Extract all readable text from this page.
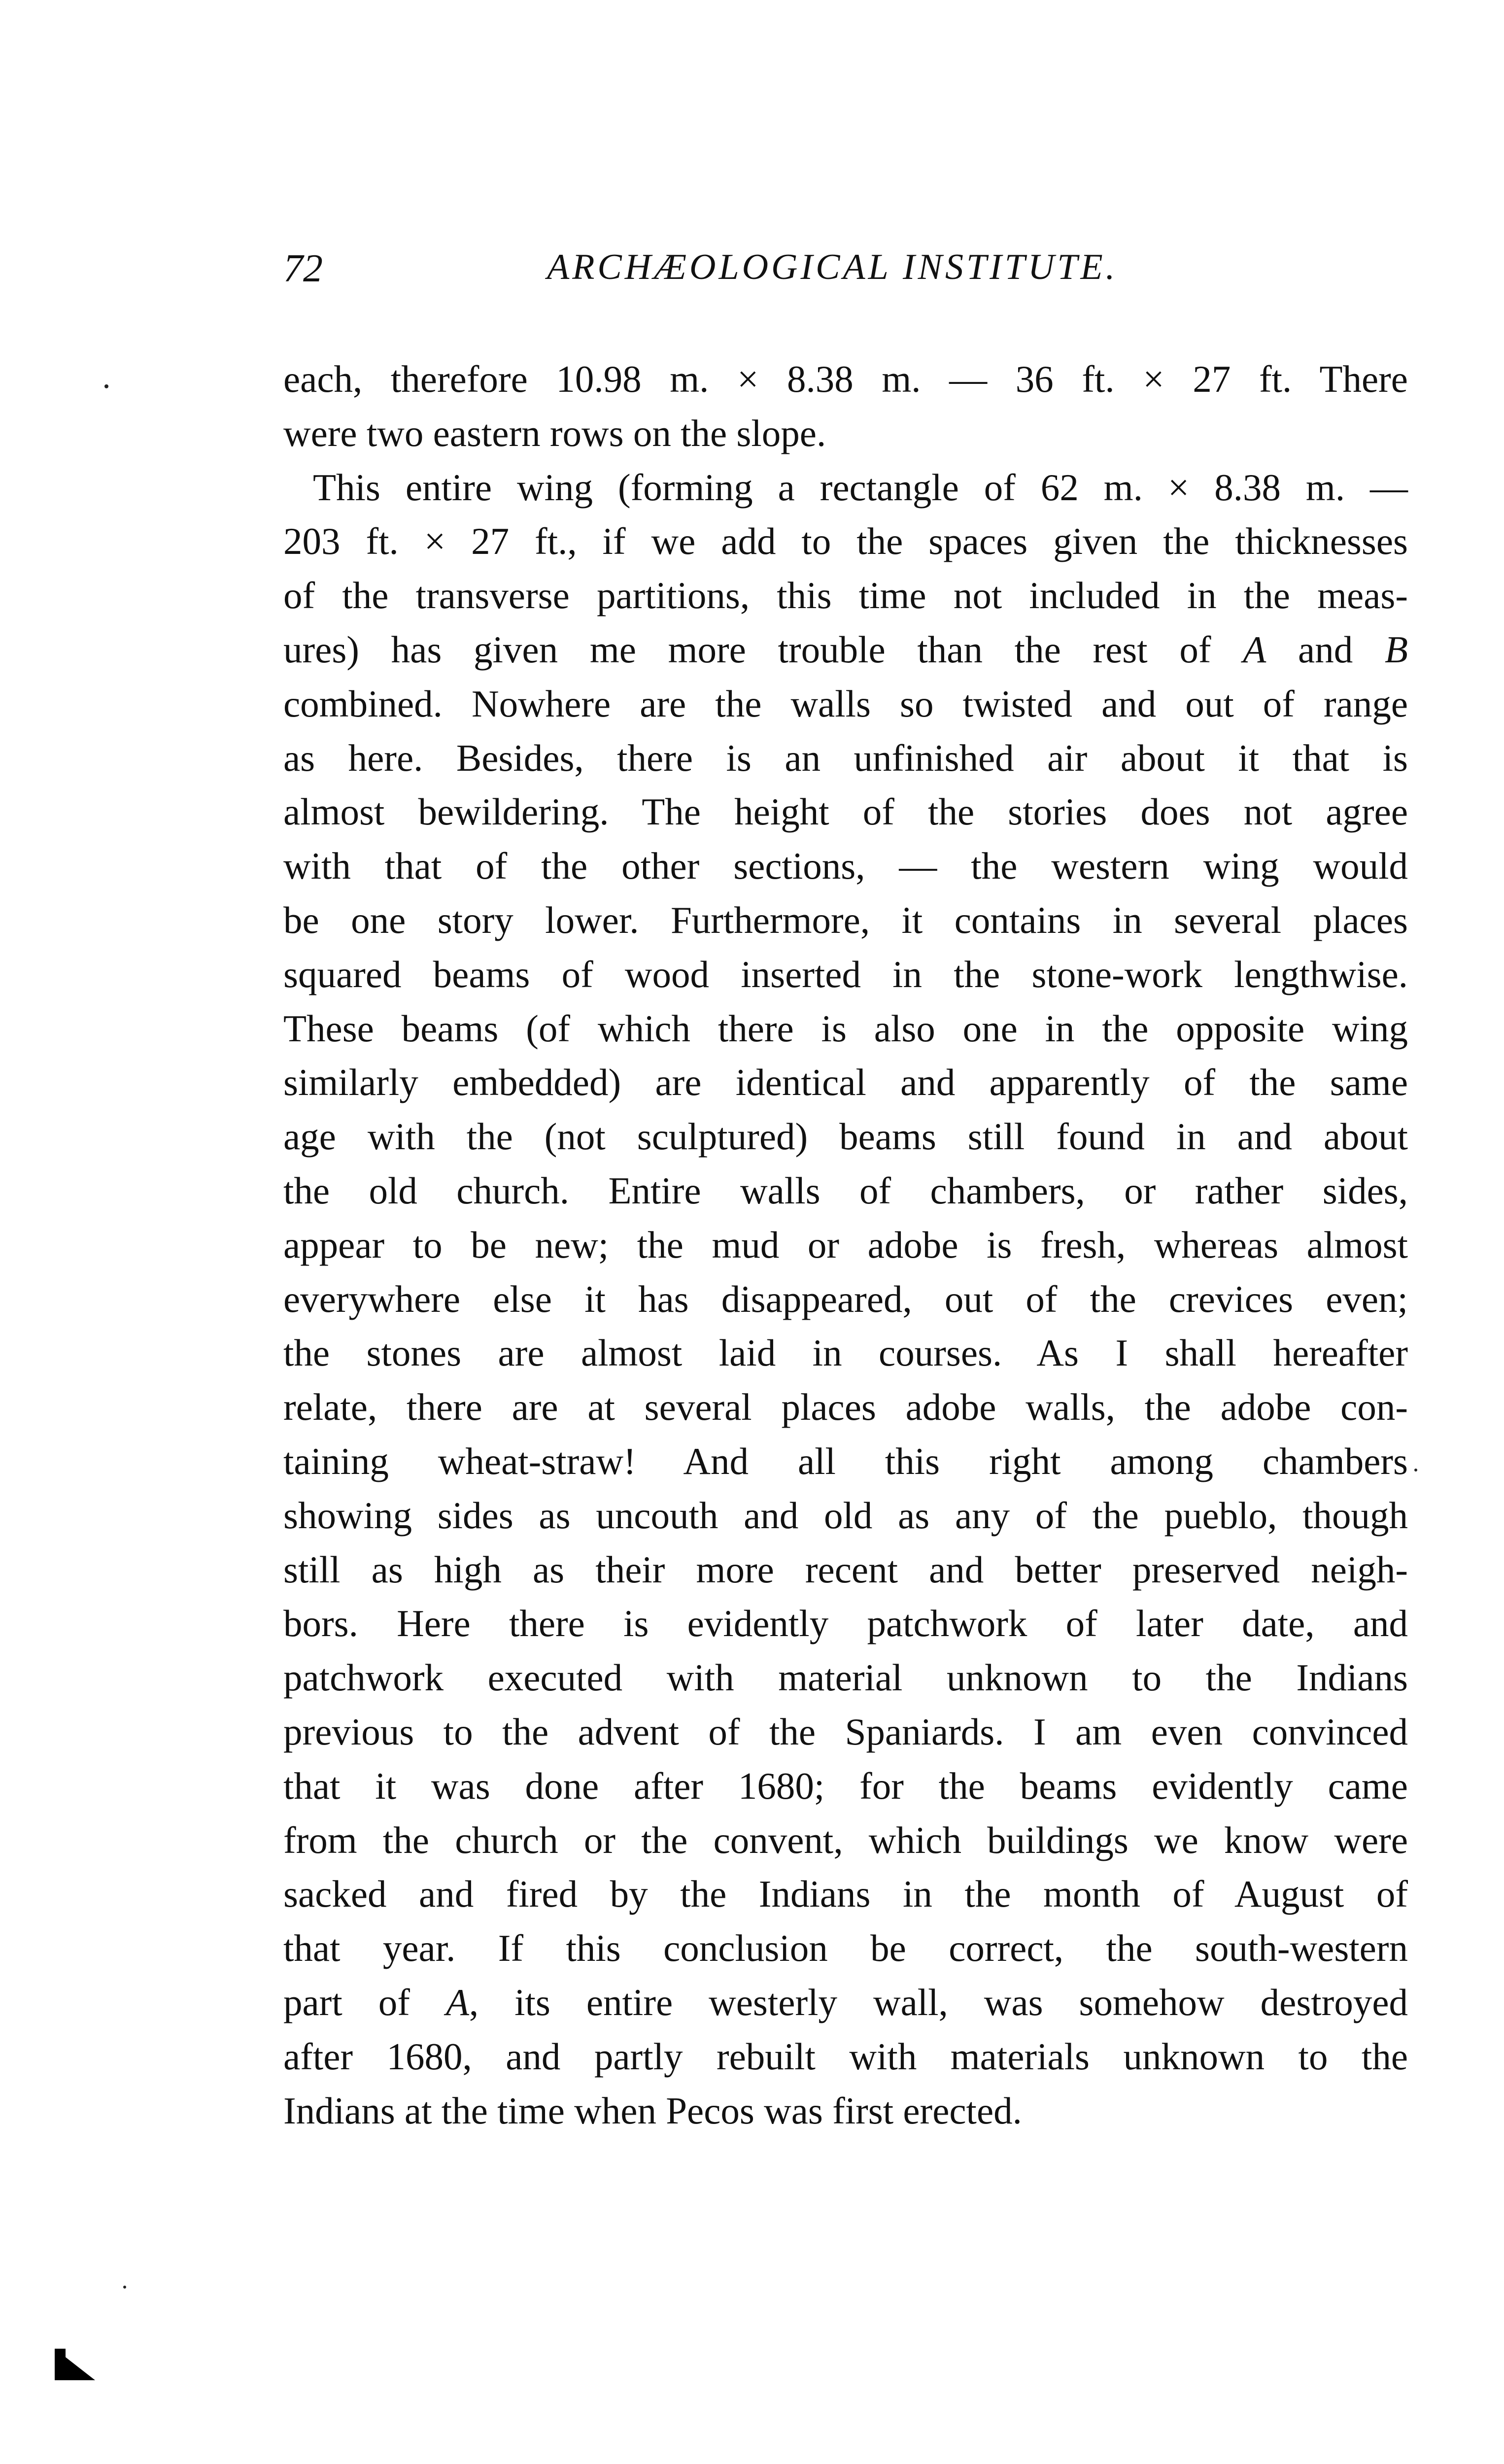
72	ARCHÆOLOGICAL INSTITUTE.
each, therefore 10.98 m. × 8.38 m. — 36 ft. × 27 ft. There
were two eastern rows on the slope.
This entire wing (forming a rectangle of 62 m. × 8.38 m. —
203 ft. × 27 ft., if we add to the spaces given the thicknesses
of the transverse partitions, this time not included in the meas-
ures) has given me more trouble than the rest of A and B
combined. Nowhere are the walls so twisted and out of range
as here. Besides, there is an unfinished air about it that is
almost bewildering. The height of the stories does not agree
with that of the other sections, — the western wing would
be one story lower. Furthermore, it contains in several places
squared beams of wood inserted in the stone-work lengthwise.
These beams (of which there is also one in the opposite wing
similarly embedded) are identical and apparently of the same
age with the (not sculptured) beams still found in and about
the old church. Entire walls of chambers, or rather sides,
appear to be new; the mud or adobe is fresh, whereas almost
everywhere else it has disappeared, out of the crevices even;
the stones are almost laid in courses. As I shall hereafter
relate, there are at several places adobe walls, the adobe con-
taining wheat-straw! And all this right among chambers
showing sides as uncouth and old as any of the pueblo, though
still as high as their more recent and better preserved neigh-
bors. Here there is evidently patchwork of later date, and
patchwork executed with material unknown to the Indians
previous to the advent of the Spaniards. I am even convinced
that it was done after 1680; for the beams evidently came
from the church or the convent, which buildings we know were
sacked and fired by the Indians in the month of August of
that year. If this conclusion be correct, the south-western
part of A, its entire westerly wall, was somehow destroyed
after 1680, and partly rebuilt with materials unknown to the
Indians at the time when Pecos was first erected.
